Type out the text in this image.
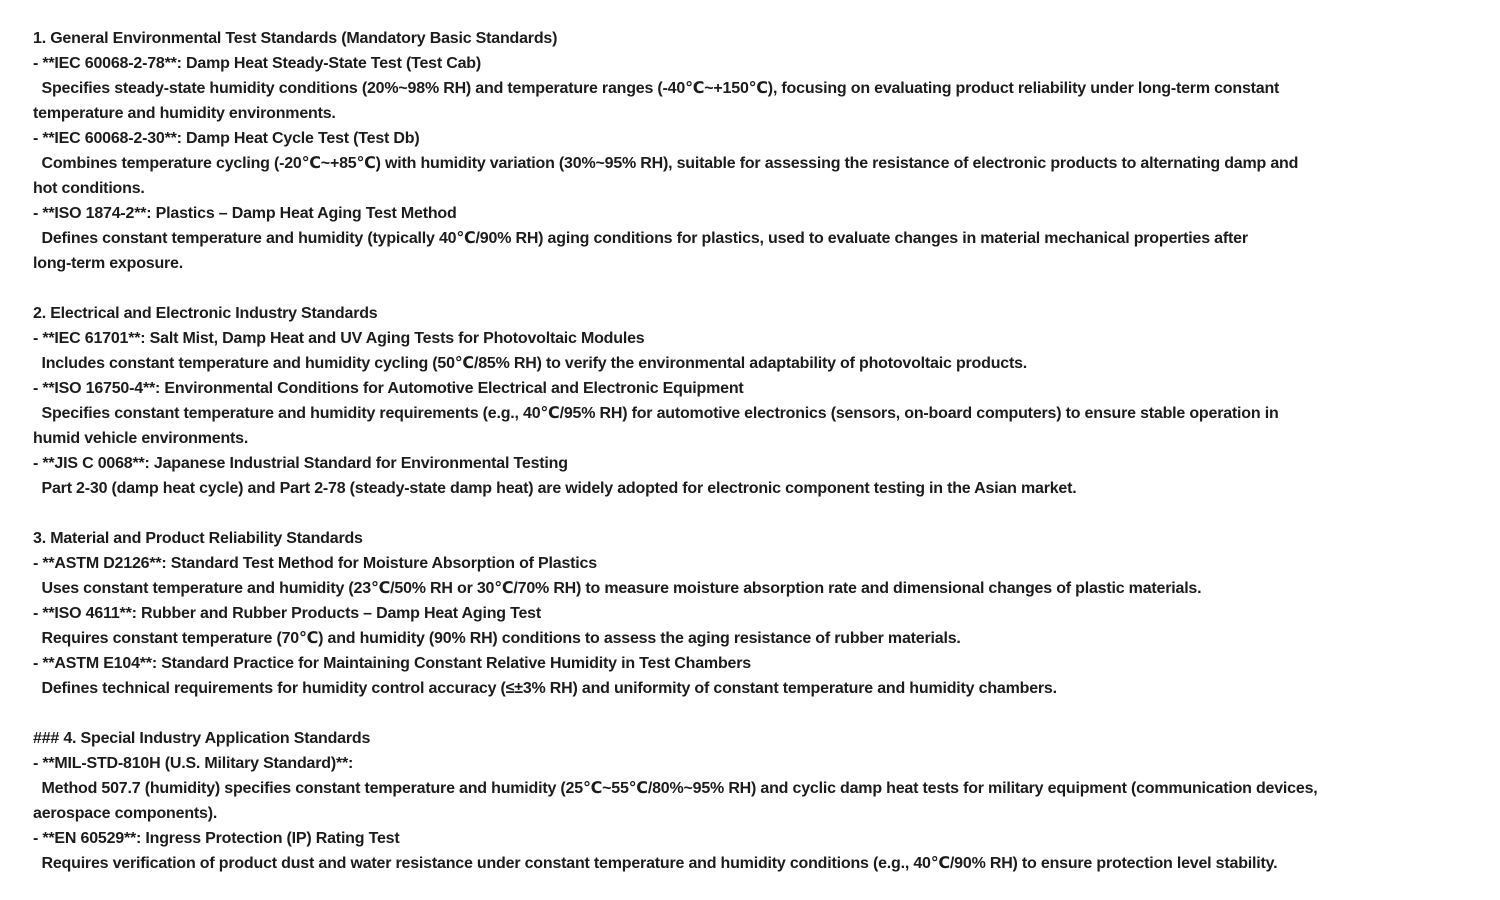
1. General Environmental Test Standards (Mandatory Basic Standards)
- **IEC 60068-2-78**: Damp Heat Steady-State Test (Test Cab)
Specifies steady-state humidity conditions (20%~98% RH) and temperature ranges (-40℃~+150℃), focusing on evaluating product reliability under long-term constant
temperature and humidity environments.
- **IEC 60068-2-30**: Damp Heat Cycle Test (Test Db)
Combines temperature cycling (-20℃~+85℃) with humidity variation (30%~95% RH), suitable for assessing the resistance of electronic products to alternating damp and
hot conditions.
- **ISO 1874-2**: Plastics – Damp Heat Aging Test Method
Defines constant temperature and humidity (typically 40℃/90% RH) aging conditions for plastics, used to evaluate changes in material mechanical properties after
long-term exposure.
2. Electrical and Electronic Industry Standards
- **IEC 61701**: Salt Mist, Damp Heat and UV Aging Tests for Photovoltaic Modules
Includes constant temperature and humidity cycling (50℃/85% RH) to verify the environmental adaptability of photovoltaic products.
- **ISO 16750-4**: Environmental Conditions for Automotive Electrical and Electronic Equipment
Specifies constant temperature and humidity requirements (e.g., 40℃/95% RH) for automotive electronics (sensors, on-board computers) to ensure stable operation in
humid vehicle environments.
- **JIS C 0068**: Japanese Industrial Standard for Environmental Testing
Part 2-30 (damp heat cycle) and Part 2-78 (steady-state damp heat) are widely adopted for electronic component testing in the Asian market.
3. Material and Product Reliability Standards
- **ASTM D2126**: Standard Test Method for Moisture Absorption of Plastics
Uses constant temperature and humidity (23℃/50% RH or 30℃/70% RH) to measure moisture absorption rate and dimensional changes of plastic materials.
- **ISO 4611**: Rubber and Rubber Products – Damp Heat Aging Test
Requires constant temperature (70℃) and humidity (90% RH) conditions to assess the aging resistance of rubber materials.
- **ASTM E104**: Standard Practice for Maintaining Constant Relative Humidity in Test Chambers
Defines technical requirements for humidity control accuracy (≤±3% RH) and uniformity of constant temperature and humidity chambers.
### 4. Special Industry Application Standards
- **MIL-STD-810H (U.S. Military Standard)**:
Method 507.7 (humidity) specifies constant temperature and humidity (25℃~55℃/80%~95% RH) and cyclic damp heat tests for military equipment (communication devices,
aerospace components).
- **EN 60529**: Ingress Protection (IP) Rating Test
Requires verification of product dust and water resistance under constant temperature and humidity conditions (e.g., 40℃/90% RH) to ensure protection level stability.
